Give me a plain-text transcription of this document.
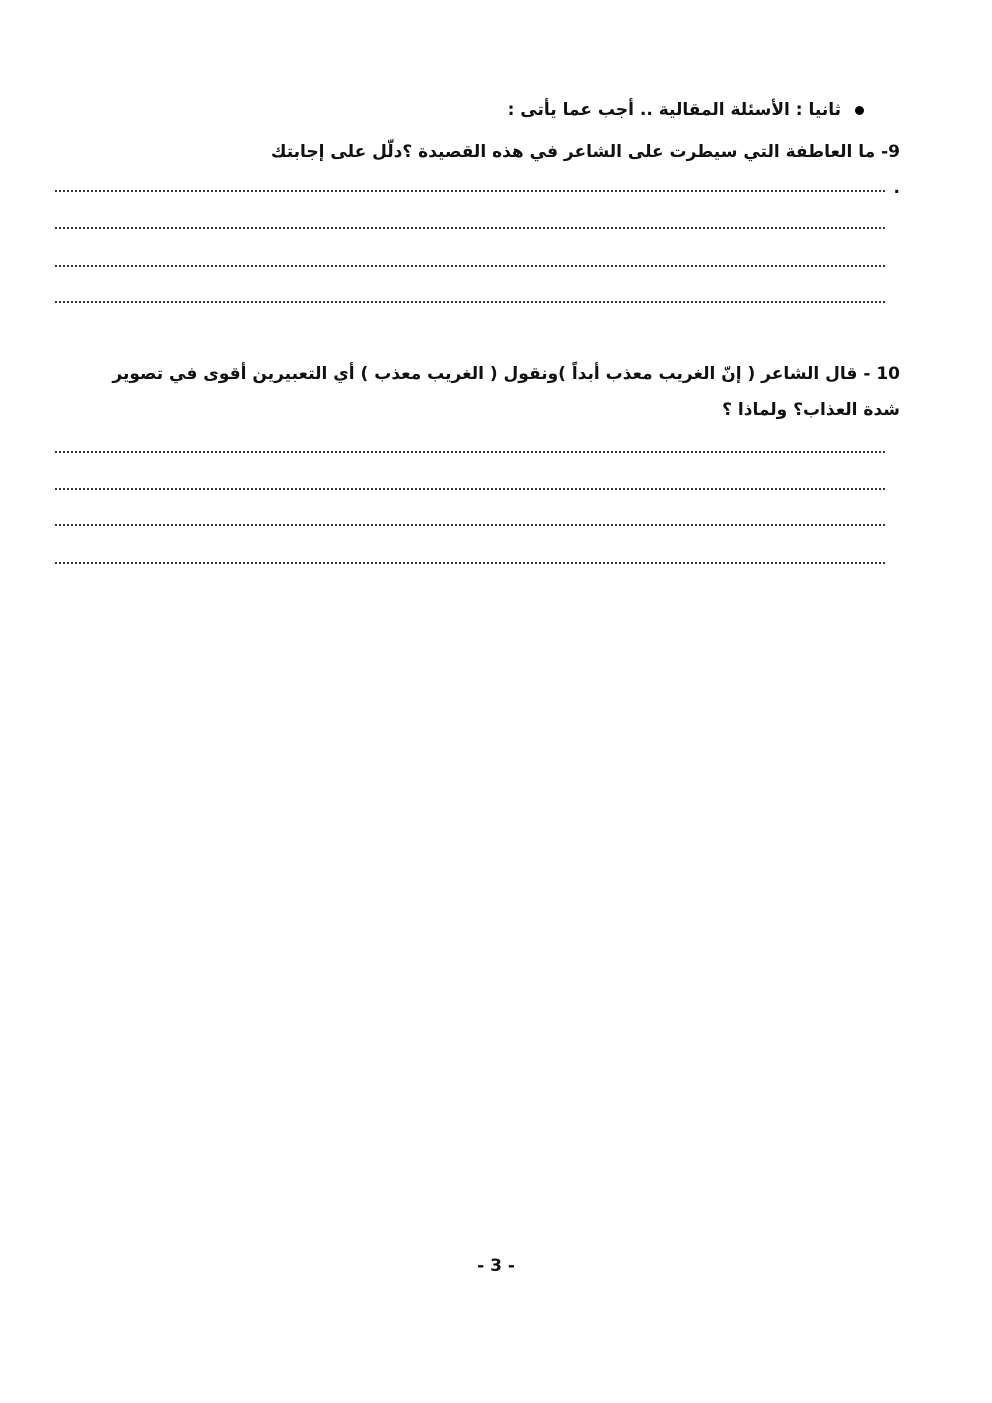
ثانيا : الأسئلة المقالية .. أجب عما يأتى :
9- ما العاطفة التي سيطرت على الشاعر في هذه القصيدة ؟دلّل على إجابتك .
10 - قال الشاعر ( إنّ الغريب معذب أبداً )ونقول ( الغريب معذب ) أي التعبيرين أقوى في تصوير شدة العذاب؟ ولماذا ؟
- 3 -
